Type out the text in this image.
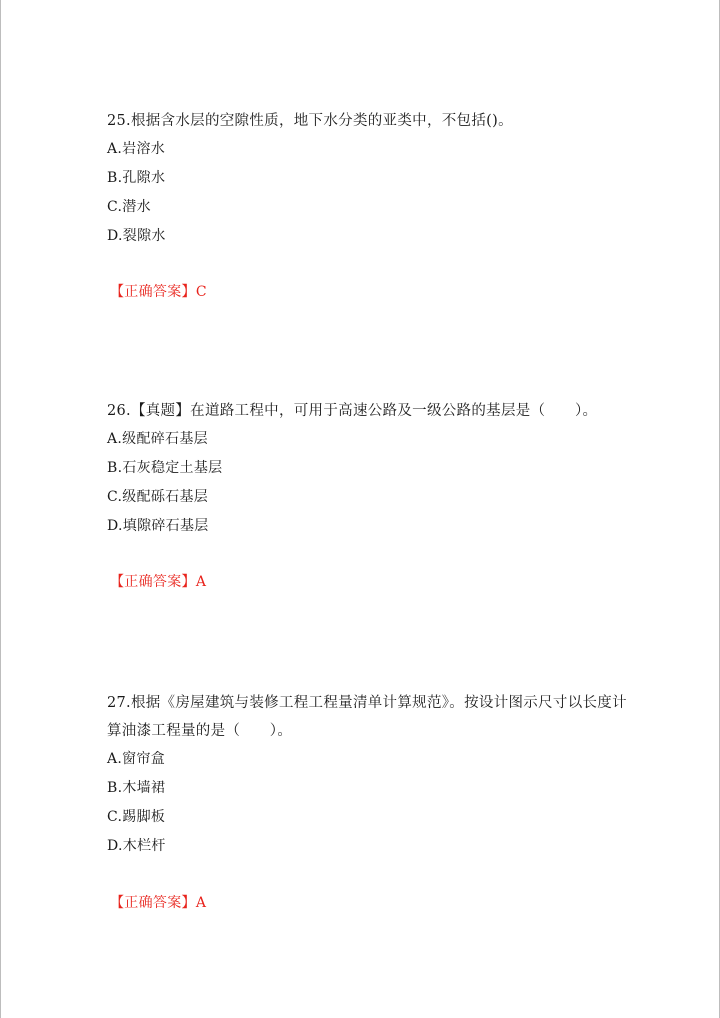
25.根据含水层的空隙性质，地下水分类的亚类中，不包括()。

A.岩溶水

B.孔隙水

C.潜水

D.裂隙水

【正确答案】C

26.【真题】在道路工程中，可用于高速公路及一级公路的基层是（　　）。

A.级配碎石基层

B.石灰稳定土基层

C.级配砾石基层

D.填隙碎石基层

【正确答案】A

27.根据《房屋建筑与装修工程工程量清单计算规范》。按设计图示尺寸以长度计

算油漆工程量的是（　　）。

A.窗帘盒

B.木墙裙

C.踢脚板

D.木栏杆

【正确答案】A
